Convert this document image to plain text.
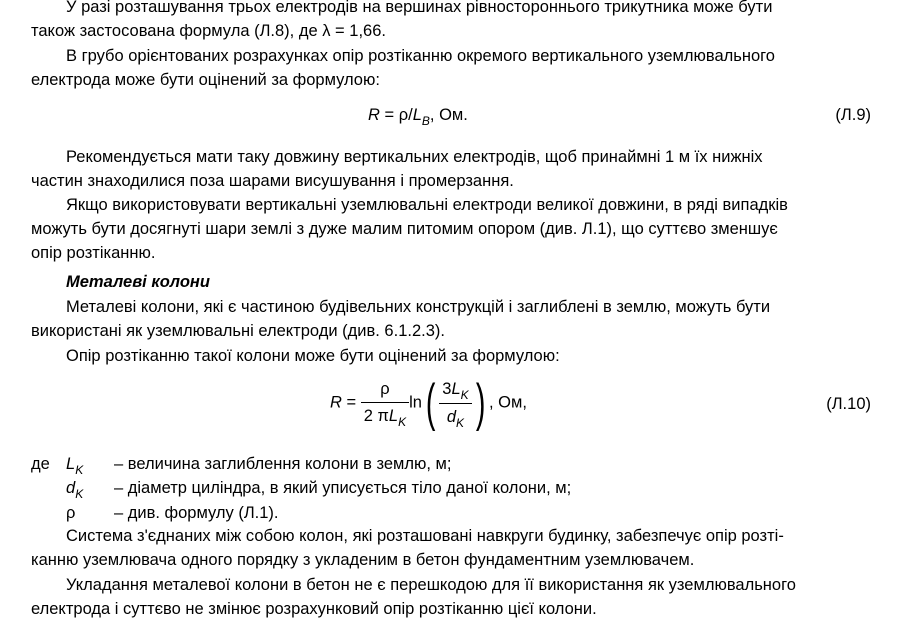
У разі розташування трьох електродів на вершинах рівностороннього трикутника може бути
також застосована формула (Л.8), де λ = 1,66.
В грубо орієнтованих розрахунках опір розтіканню окремого вертикального уземлювального
електрода може бути оцінений за формулою:
$R = \rho/L_B$, Ом.	(Л.9)
Рекомендується мати таку довжину вертикальних електродів, щоб принаймні 1 м їх нижніх
частин знаходилися поза шарами висушування і промерзання.
Якщо використовувати вертикальні уземлювальні електроди великої довжини, в ряді випадків
можуть бути досягнуті шари землі з дуже малим питомим опором (див. Л.1), що суттєво зменшує
опір розтіканню.
Металеві колони
Металеві колони, які є частиною будівельних конструкцій і заглиблені в землю, можуть бути
використані як уземлювальні електроди (див. 6.1.2.3).
Опір розтіканню такої колони може бути оцінений за формулою:
$R = \frac{\rho}{2 \pi L_K} \ln( \frac{3L_K}{d_K}$ ) , Ом,	(Л.10)
де $L_K$ – величина заглиблення колони в землю, м;
$d_K$ – діаметр циліндра, в який уписується тіло даної колони, м;
ρ – див. формулу (Л.1).
Система з'єднаних між собою колон, які розташовані навкруги будинку, забезпечує опір розті-
канню уземлювача одного порядку з укладеним в бетон фундаментним уземлювачем.
Укладання металевої колони в бетон не є перешкодою для її використання як уземлювального
електрода і суттєво не змінює розрахунковий опір розтіканню цієї колони.
